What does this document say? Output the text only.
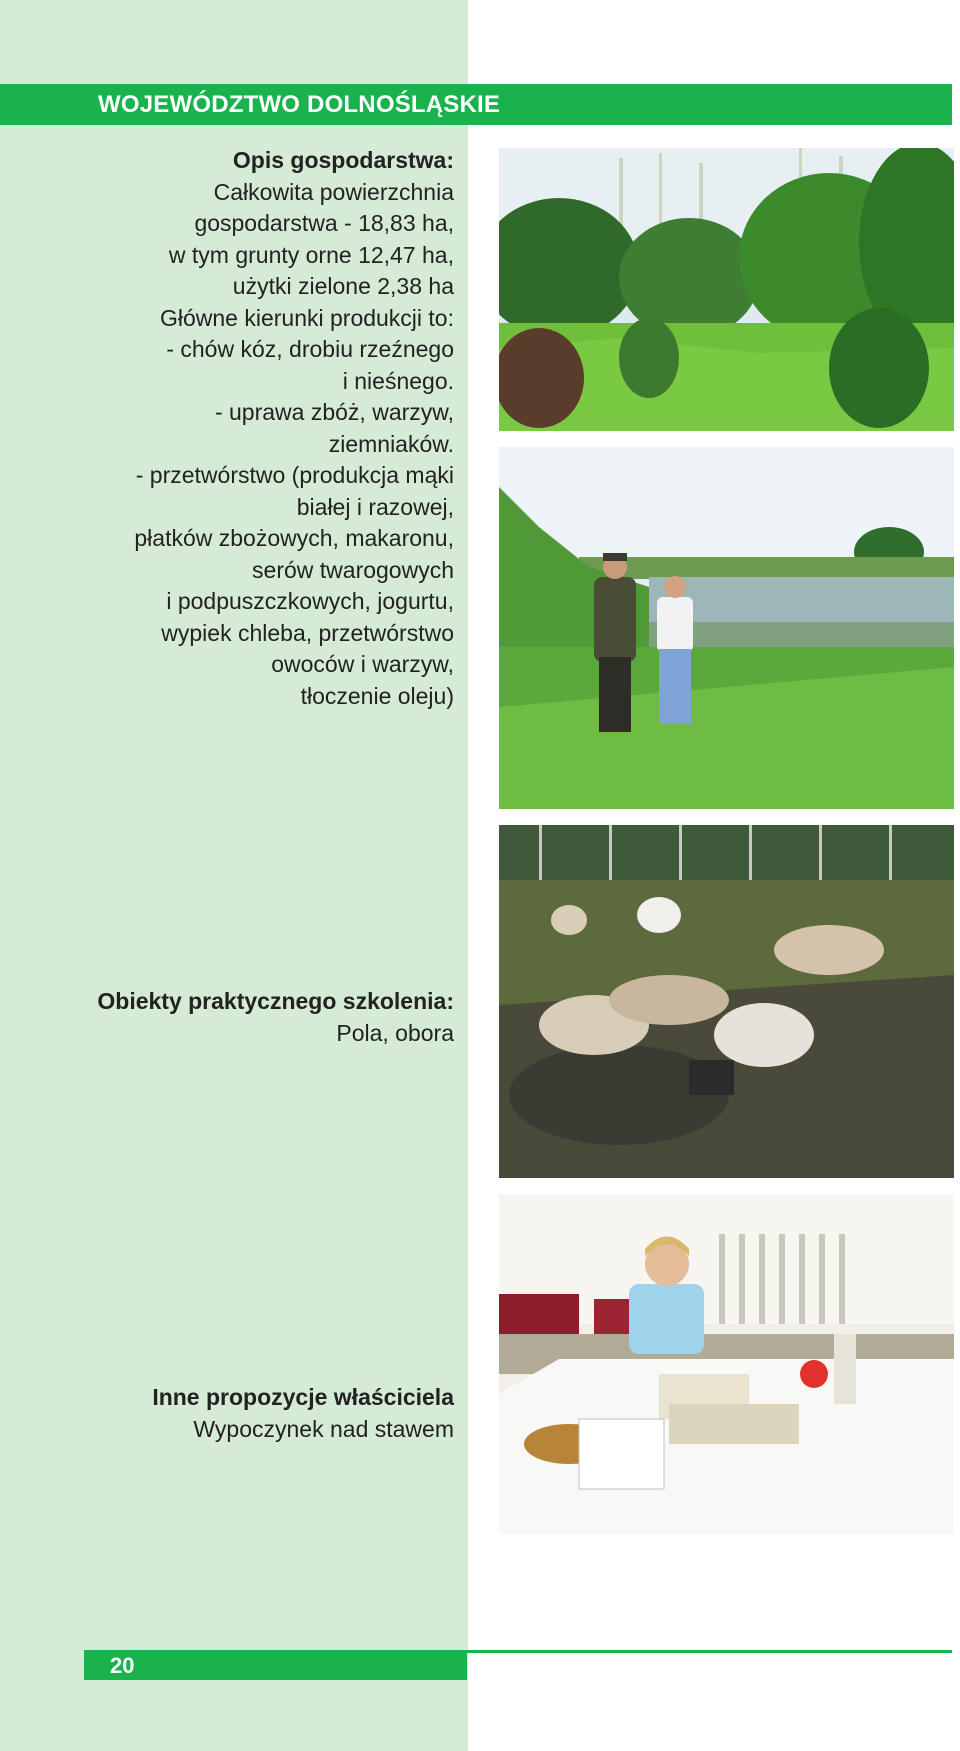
WOJEWÓDZTWO DOLNOŚLĄSKIE
Opis gospodarstwa:
Całkowita powierzchnia
gospodarstwa - 18,83 ha,
w tym grunty orne 12,47 ha,
użytki zielone 2,38 ha
Główne kierunki produkcji to:
- chów kóz, drobiu rzeźnego
i nieśnego.
- uprawa zbóż, warzyw,
ziemniaków.
- przetwórstwo (produkcja mąki
białej i razowej,
płatków zbożowych, makaronu,
serów twarogowych
i podpuszczkowych, jogurtu,
wypiek chleba, przetwórstwo
owoców i warzyw,
tłoczenie oleju)
Obiekty praktycznego szkolenia:
Pola, obora
Inne propozycje właściciela
Wypoczynek nad stawem
20
